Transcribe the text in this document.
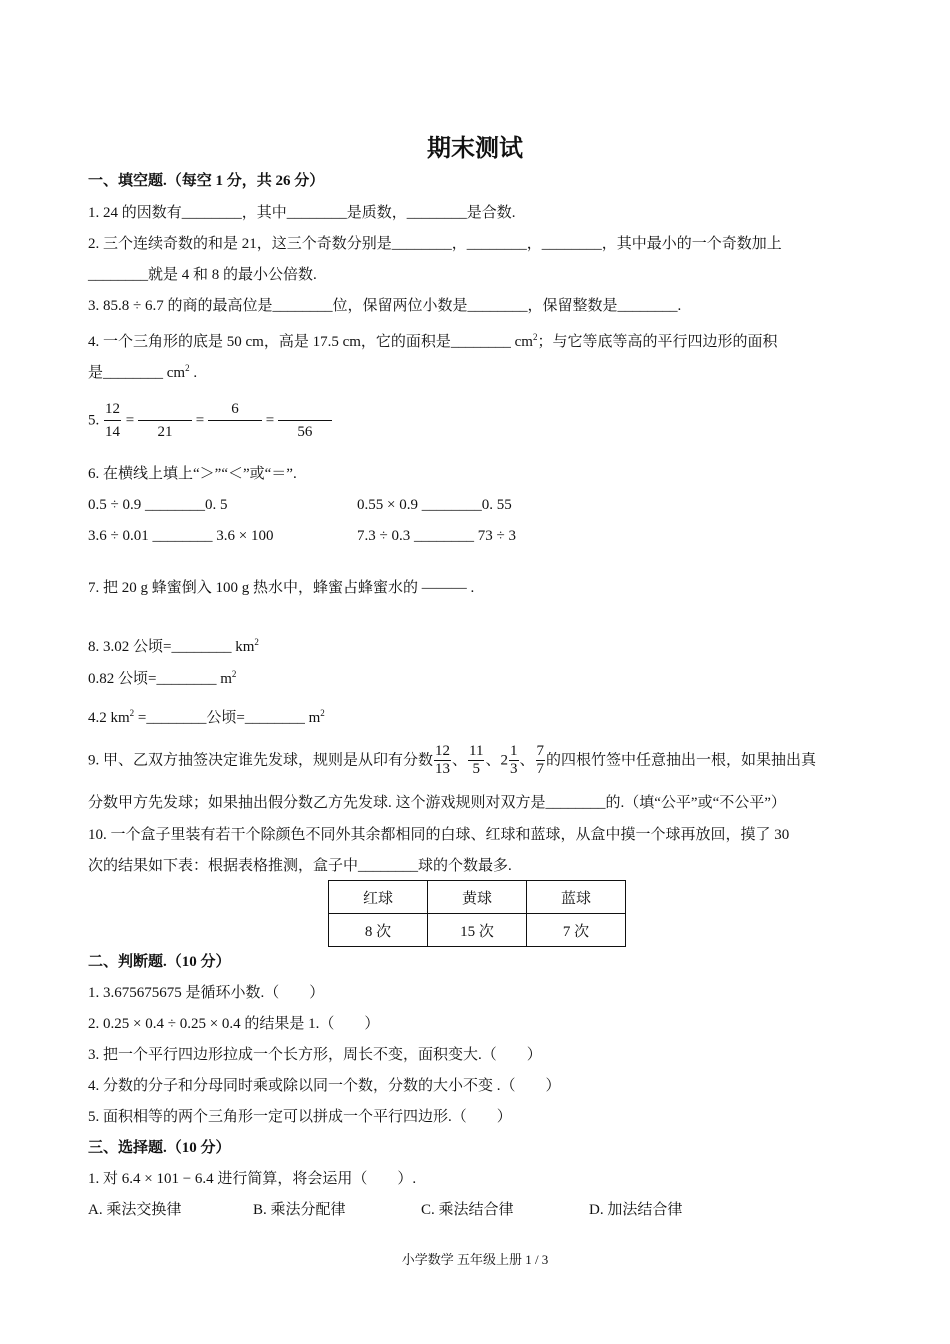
期末测试
一、填空题.（每空 1 分，共 26 分）
1. 24 的因数有________，其中________是质数，________是合数.
2. 三个连续奇数的和是 21，这三个奇数分别是________，________，________，其中最小的一个奇数加上
________就是 4 和 8 的最小公倍数.
3. 85.8 ÷ 6.7 的商的最高位是________位，保留两位小数是________，保留整数是________.
4. 一个三角形的底是 50 cm，高是 17.5 cm，它的面积是________ $cm^2$；与它等底等高的平行四边形的面积
是________ $cm^2$ .
5. $\frac{12}{14}$ =

21
=
6

=

56
6. 在横线上填上“＞”“＜”或“＝”.
0.5 ÷ 0.9 ________0. 5	0.55 × 0.9 ________0. 55
3.6 ÷ 0.01 ________ 3.6 × 100	7.3 ÷ 0.3 ________ 73 ÷ 3
7. 把 20 g 蜂蜜倒入 100 g 热水中，蜂蜜占蜂蜜水的 ——— .
8. 3.02 公顷=________ $km^2$
0.82 公顷=________ $m^2$
4.2 $km^2$ =________公顷=________ $m^2$
9. 甲、乙双方抽签决定谁先发球，规则是从印有分数 $\frac{12}{13}$ 、 $\frac{11}{5}$ 、$2 \frac{1}{3}$ 、 $\frac{7}{7}$ 的四根竹签中任意抽出一根，如果抽出真
分数甲方先发球；如果抽出假分数乙方先发球. 这个游戏规则对双方是________的.（填“公平”或“不公平”）
10. 一个盒子里装有若干个除颜色不同外其余都相同的白球、红球和蓝球，从盒中摸一个球再放回，摸了 30
次的结果如下表：根据表格推测，盒子中________球的个数最多.
红球	黄球	蓝球
8 次	15 次	7 次
二、判断题.（10 分）
1. 3.675675675 是循环小数.（　　）
2. 0.25 × 0.4 ÷ 0.25 × 0.4 的结果是 1.（　　）
3. 把一个平行四边形拉成一个长方形，周长不变，面积变大.（　　）
4. 分数的分子和分母同时乘或除以同一个数，分数的大小不变 .（　　）
5. 面积相等的两个三角形一定可以拼成一个平行四边形.（　　）
三、选择题.（10 分）
1. 对 6.4 × 101 − 6.4 进行简算，将会运用（　　）.
A. 乘法交换律	B. 乘法分配律	C. 乘法结合律	D. 加法结合律
小学数学 五年级上册 1 / 3
